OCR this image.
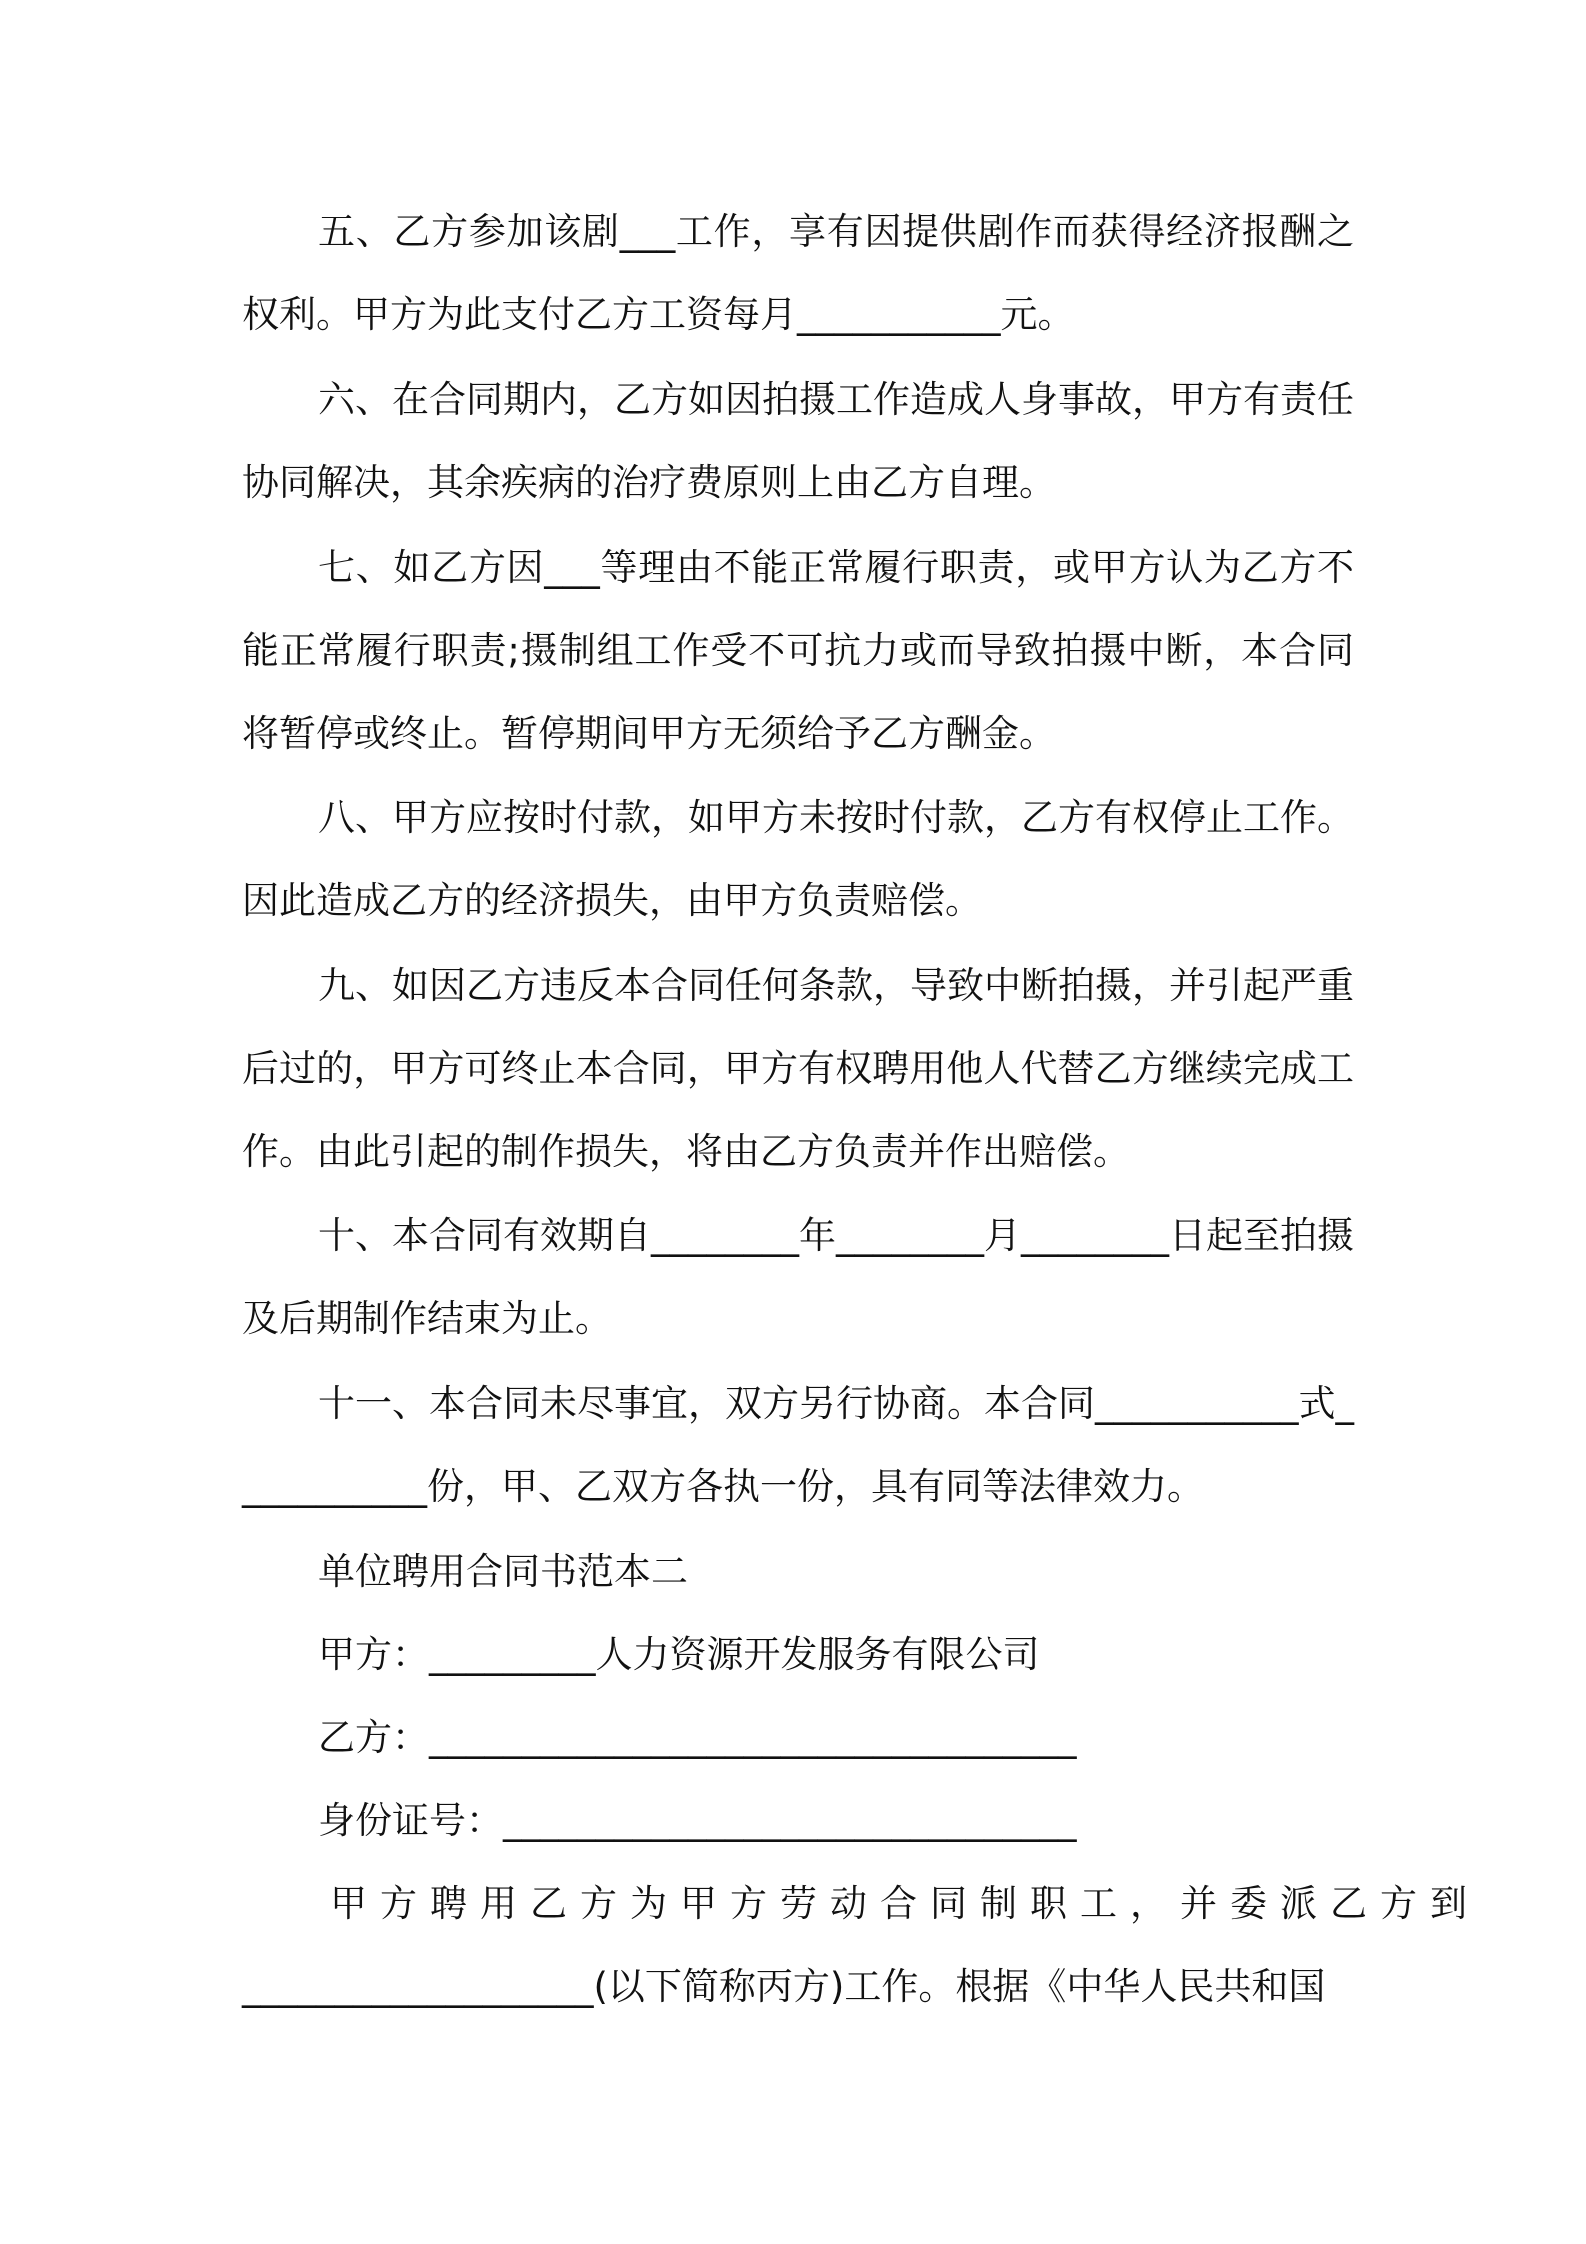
五、乙方参加该剧___工作，享有因提供剧作而获得经济报酬之权利。甲方为此支付乙方工资每月___________元。

六、在合同期内，乙方如因拍摄工作造成人身事故，甲方有责任协同解决，其余疾病的治疗费原则上由乙方自理。

七、如乙方因___等理由不能正常履行职责，或甲方认为乙方不能正常履行职责;摄制组工作受不可抗力或而导致拍摄中断，本合同将暂停或终止。暂停期间甲方无须给予乙方酬金。

八、甲方应按时付款，如甲方未按时付款，乙方有权停止工作。因此造成乙方的经济损失，由甲方负责赔偿。

九、如因乙方违反本合同任何条款，导致中断拍摄，并引起严重后过的，甲方可终止本合同，甲方有权聘用他人代替乙方继续完成工作。由此引起的制作损失，将由乙方负责并作出赔偿。

十、本合同有效期自________年________月________日起至拍摄及后期制作结束为止。

十一、本合同未尽事宜，双方另行协商。本合同___________式___________份，甲、乙双方各执一份，具有同等法律效力。

单位聘用合同书范本二

甲方：_________人力资源开发服务有限公司

乙方：___________________________________

身份证号：_______________________________

甲方聘用乙方为甲方劳动合同制职工，并委派乙方到

___________________(以下简称丙方)工作。根据《中华人民共和国
